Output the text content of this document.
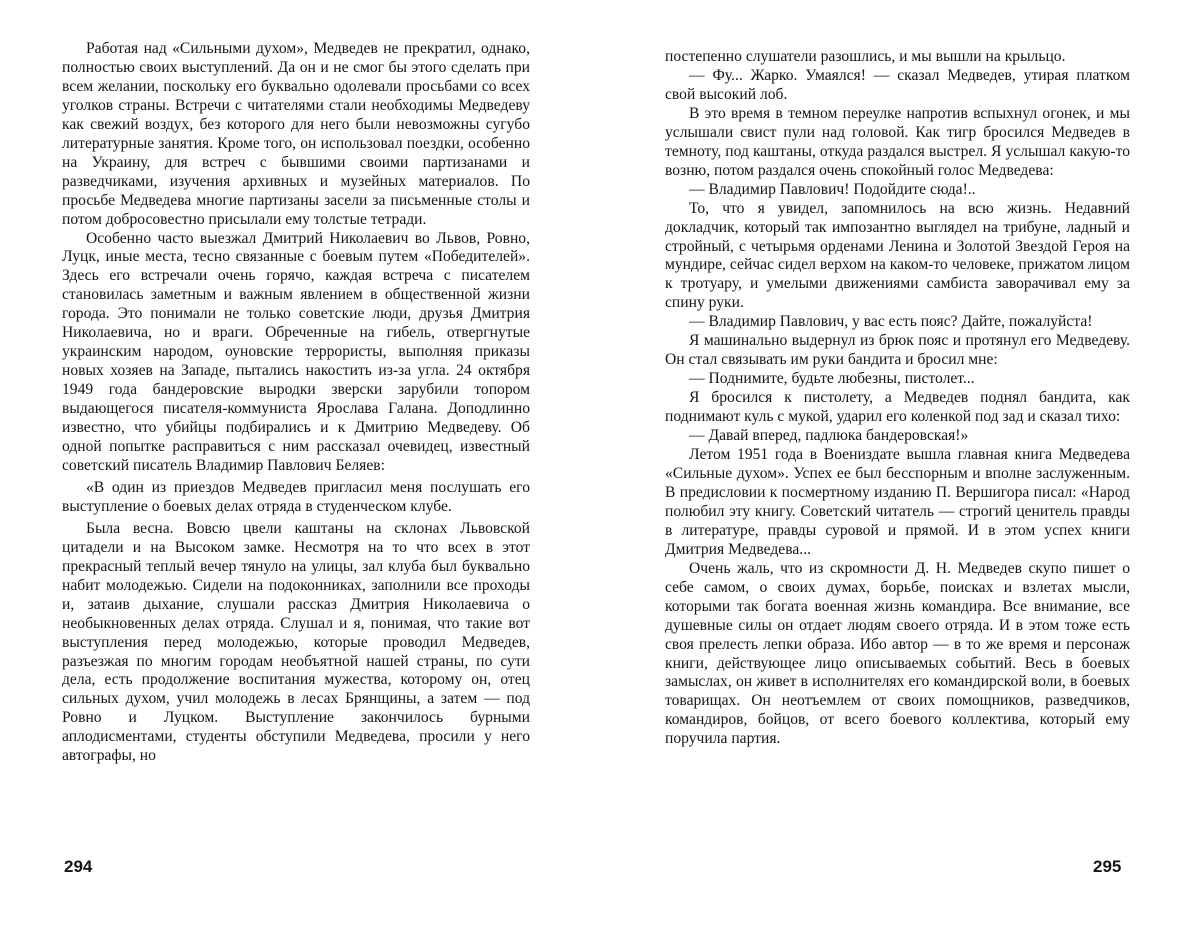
Работая над «Сильными духом», Медведев не прекратил, однако, полностью своих выступлений. Да он и не смог бы этого сделать при всем желании, поскольку его буквально одолевали просьбами со всех уголков страны. Встречи с читателями стали необходимы Медведеву как свежий воздух, без которого для него были невозможны сугубо литературные занятия. Кроме того, он использовал поездки, особенно на Украину, для встреч с бывшими своими партизанами и разведчиками, изучения архивных и музейных материалов. По просьбе Медведева многие партизаны засели за письменные столы и потом добросовестно присылали ему толстые тетради.

Особенно часто выезжал Дмитрий Николаевич во Львов, Ровно, Луцк, иные места, тесно связанные с боевым путем «Победителей». Здесь его встречали очень горячо, каждая встреча с писателем становилась заметным и важным явлением в общественной жизни города. Это понимали не только советские люди, друзья Дмитрия Николаевича, но и враги. Обреченные на гибель, отвергнутые украинским народом, оуновские террористы, выполняя приказы новых хозяев на Западе, пытались накостить из-за угла. 24 октября 1949 года бандеровские выродки зверски зарубили топором выдающегося писателя-коммуниста Ярослава Галана. Доподлинно известно, что убийцы подбирались и к Дмитрию Медведеву. Об одной попытке расправиться с ним рассказал очевидец, известный советский писатель Владимир Павлович Беляев:

«В один из приездов Медведев пригласил меня послушать его выступление о боевых делах отряда в студенческом клубе.

Была весна. Вовсю цвели каштаны на склонах Львовской цитадели и на Высоком замке. Несмотря на то что всех в этот прекрасный теплый вечер тянуло на улицы, зал клуба был буквально набит молодежью. Сидели на подоконниках, заполнили все проходы и, затаив дыхание, слушали рассказ Дмитрия Николаевича о необыкновенных делах отряда. Слушал и я, понимая, что такие вот выступления перед молодежью, которые проводил Медведев, разъезжая по многим городам необъятной нашей страны, по сути дела, есть продолжение воспитания мужества, которому он, отец сильных духом, учил молодежь в лесах Брянщины, а затем — под Ровно и Луцком. Выступление закончилось бурными аплодисментами, студенты обступили Медведева, просили у него автографы, но

294

постепенно слушатели разошлись, и мы вышли на крыльцо.

— Фу... Жарко. Умаялся! — сказал Медведев, утирая платком свой высокий лоб.

В это время в темном переулке напротив вспыхнул огонек, и мы услышали свист пули над головой. Как тигр бросился Медведев в темноту, под каштаны, откуда раздался выстрел. Я услышал какую-то возню, потом раздался очень спокойный голос Медведева:

— Владимир Павлович! Подойдите сюда!..

То, что я увидел, запомнилось на всю жизнь. Недавний докладчик, который так импозантно выглядел на трибуне, ладный и стройный, с четырьмя орденами Ленина и Золотой Звездой Героя на мундире, сейчас сидел верхом на каком-то человеке, прижатом лицом к тротуару, и умелыми движениями самбиста заворачивал ему за спину руки.

— Владимир Павлович, у вас есть пояс? Дайте, пожалуйста!

Я машинально выдернул из брюк пояс и протянул его Медведеву. Он стал связывать им руки бандита и бросил мне:

— Поднимите, будьте любезны, пистолет...

Я бросился к пистолету, а Медведев поднял бандита, как поднимают куль с мукой, ударил его коленкой под зад и сказал тихо:

— Давай вперед, падлюка бандеровская!»

Летом 1951 года в Воениздате вышла главная книга Медведева «Сильные духом». Успех ее был бесспорным и вполне заслуженным. В предисловии к посмертному изданию П. Вершигора писал: «Народ полюбил эту книгу. Советский читатель — строгий ценитель правды в литературе, правды суровой и прямой. И в этом успех книги Дмитрия Медведева...

Очень жаль, что из скромности Д. Н. Медведев скупо пишет о себе самом, о своих думах, борьбе, поисках и взлетах мысли, которыми так богата военная жизнь командира. Все внимание, все душевные силы он отдает людям своего отряда. И в этом тоже есть своя прелесть лепки образа. Ибо автор — в то же время и персонаж книги, действующее лицо описываемых событий. Весь в боевых замыслах, он живет в исполнителях его командирской воли, в боевых товарищах. Он неотъемлем от своих помощников, разведчиков, командиров, бойцов, от всего боевого коллектива, который ему поручила партия.

295
